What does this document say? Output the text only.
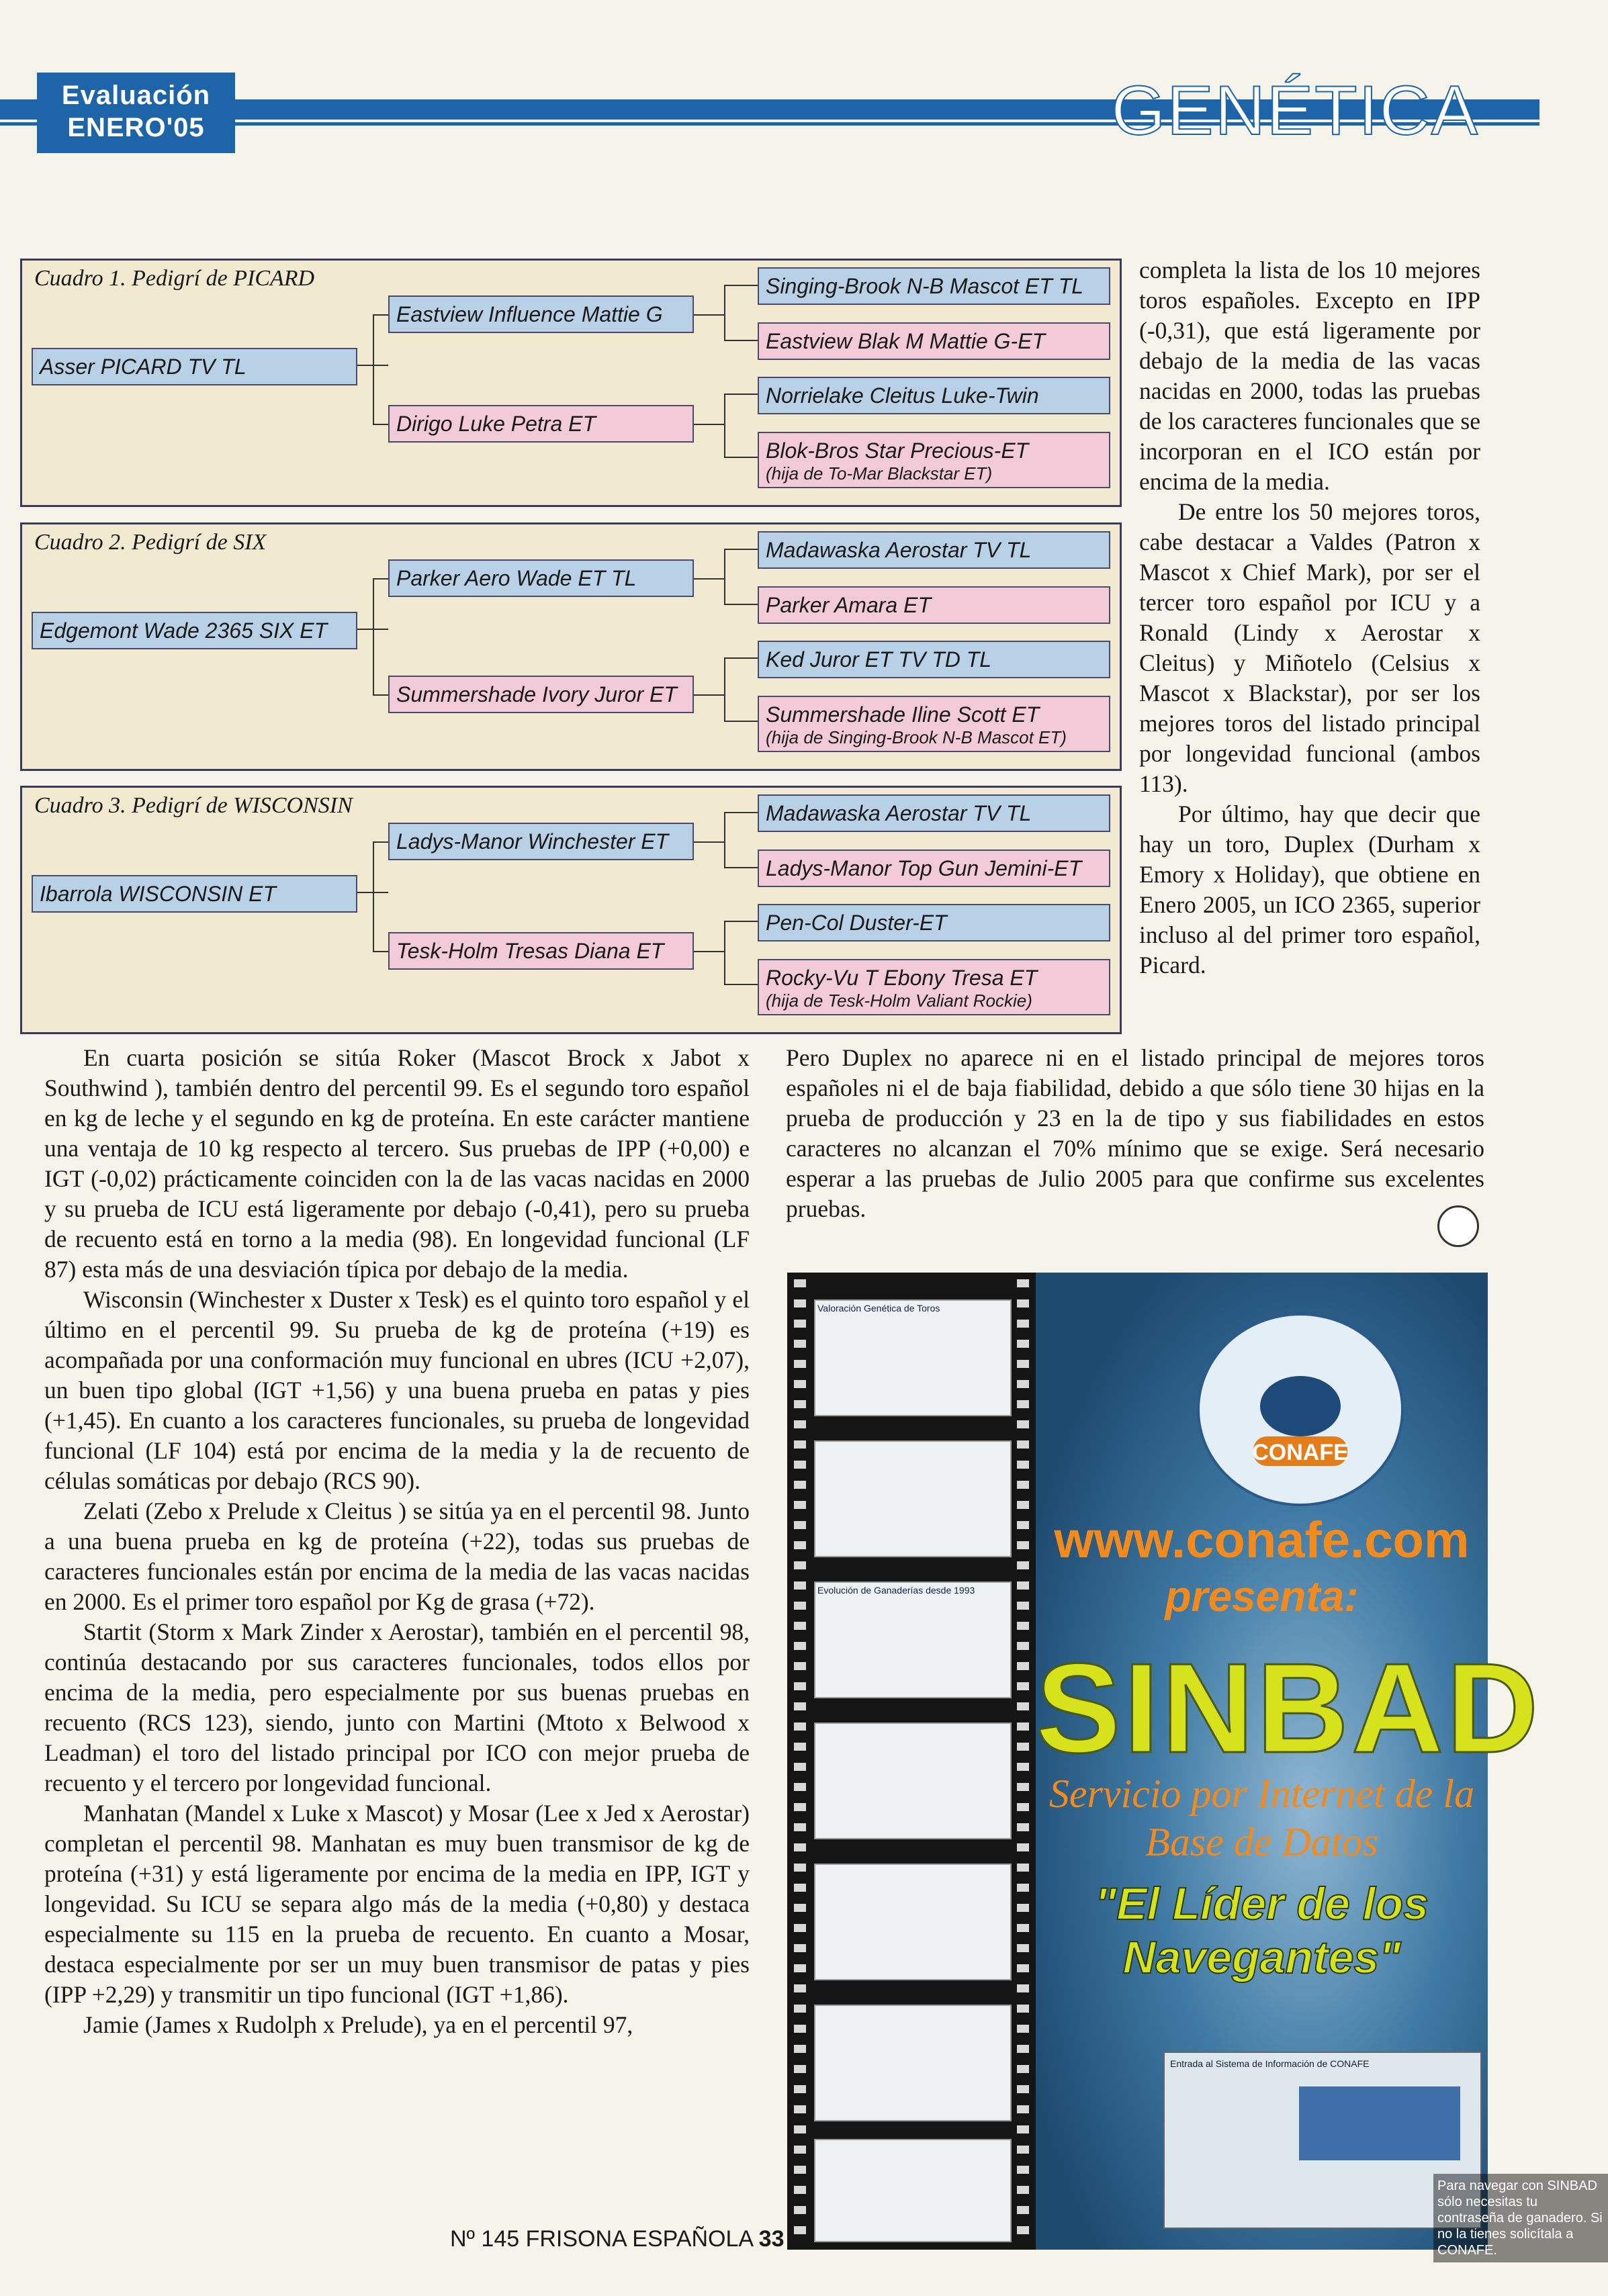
Evaluación
ENERO'05	GENÉTICA
Cuadro 1. Pedigrí de PICARD
Asser PICARD TV TL
Eastview Influence Mattie G
Dirigo Luke Petra ET
Singing-Brook N-B Mascot ET TL
Eastview Blak M Mattie G-ET
Norrielake Cleitus Luke-Twin
Blok-Bros Star Precious-ET
(hija de To-Mar Blackstar ET)
Cuadro 2. Pedigrí de SIX
Edgemont Wade 2365 SIX ET
Parker Aero Wade ET TL
Summershade Ivory Juror ET
Madawaska Aerostar TV TL
Parker Amara ET
Ked Juror ET TV TD TL
Summershade Iline Scott ET
(hija de Singing-Brook N-B Mascot ET)
Cuadro 3. Pedigrí de WISCONSIN
Ibarrola WISCONSIN ET
Ladys-Manor Winchester ET
Tesk-Holm Tresas Diana ET
Madawaska Aerostar TV TL
Ladys-Manor Top Gun Jemini-ET
Pen-Col Duster-ET
Rocky-Vu T Ebony Tresa ET
(hija de Tesk-Holm Valiant Rockie)

completa la lista de los 10 mejores toros españoles. Excepto en IPP (-0,31), que está ligeramente por debajo de la media de las vacas nacidas en 2000, todas las pruebas de los caracteres funcionales que se incorporan en el ICO están por encima de la media.

De entre los 50 mejores toros, cabe destacar a Valdes (Patron x Mascot x Chief Mark), por ser el tercer toro español por ICU y a Ronald (Lindy x Aerostar x Cleitus) y Miñotelo (Celsius x Mascot x Blackstar), por ser los mejores toros del listado principal por longevidad funcional (ambos 113).

Por último, hay que decir que hay un toro, Duplex (Durham x Emory x Holiday), que obtiene en Enero 2005, un ICO 2365, superior incluso al del primer toro español, Picard.

Pero Duplex no aparece ni en el listado principal de mejores toros españoles ni el de baja fiabilidad, debido a que sólo tiene 30 hijas en la prueba de producción y 23 en la de tipo y sus fiabilidades en estos caracteres no alcanzan el 70% mínimo que se exige. Será necesario esperar a las pruebas de Julio 2005 para que confirme sus excelentes pruebas.

En cuarta posición se sitúa Roker (Mascot Brock x Jabot x Southwind ), también dentro del percentil 99. Es el segundo toro español en kg de leche y el segundo en kg de proteína. En este carácter mantiene una ventaja de 10 kg respecto al tercero. Sus pruebas de IPP (+0,00) e IGT (-0,02) prácticamente coinciden con la de las vacas nacidas en 2000 y su prueba de ICU está ligeramente por debajo (-0,41), pero su prueba de recuento está en torno a la media (98). En longevidad funcional (LF 87) esta más de una desviación típica por debajo de la media.

Wisconsin (Winchester x Duster x Tesk) es el quinto toro español y el último en el percentil 99. Su prueba de kg de proteína (+19) es acompañada por una conformación muy funcional en ubres (ICU +2,07), un buen tipo global (IGT +1,56) y una buena prueba en patas y pies (+1,45). En cuanto a los caracteres funcionales, su prueba de longevidad funcional (LF 104) está por encima de la media y la de recuento de células somáticas por debajo (RCS 90).

Zelati (Zebo x Prelude x Cleitus ) se sitúa ya en el percentil 98. Junto a una buena prueba en kg de proteína (+22), todas sus pruebas de caracteres funcionales están por encima de la media de las vacas nacidas en 2000. Es el primer toro español por Kg de grasa (+72).

Startit (Storm x Mark Zinder x Aerostar), también en el percentil 98, continúa destacando por sus caracteres funcionales, todos ellos por encima de la media, pero especialmente por sus buenas pruebas en recuento (RCS 123), siendo, junto con Martini (Mtoto x Belwood x Leadman) el toro del listado principal por ICO con mejor prueba de recuento y el tercero por longevidad funcional.

Manhatan (Mandel x Luke x Mascot) y Mosar (Lee x Jed x Aerostar) completan el percentil 98. Manhatan es muy buen transmisor de kg de proteína (+31) y está ligeramente por encima de la media en IPP, IGT y longevidad. Su ICU se separa algo más de la media (+0,80) y destaca especialmente su 115 en la prueba de recuento. En cuanto a Mosar, destaca especialmente por ser un muy buen transmisor de patas y pies (IPP +2,29) y transmitir un tipo funcional (IGT +1,86).

Jamie (James x Rudolph x Prelude), ya en el percentil 97,

Valoración Genética de Toros
Evolución de Ganaderías desde 1993
CONAFE
www.conafe.com
presenta:
SINBAD
Servicio por Internet de la Base de Datos
"El Líder de los Navegantes"
Entrada al Sistema de Información de CONAFE
Para navegar con SINBAD sólo necesitas tu contraseña de ganadero. Si no la tienes solicítala a CONAFE.
Nº 145 FRISONA ESPAÑOLA 33
